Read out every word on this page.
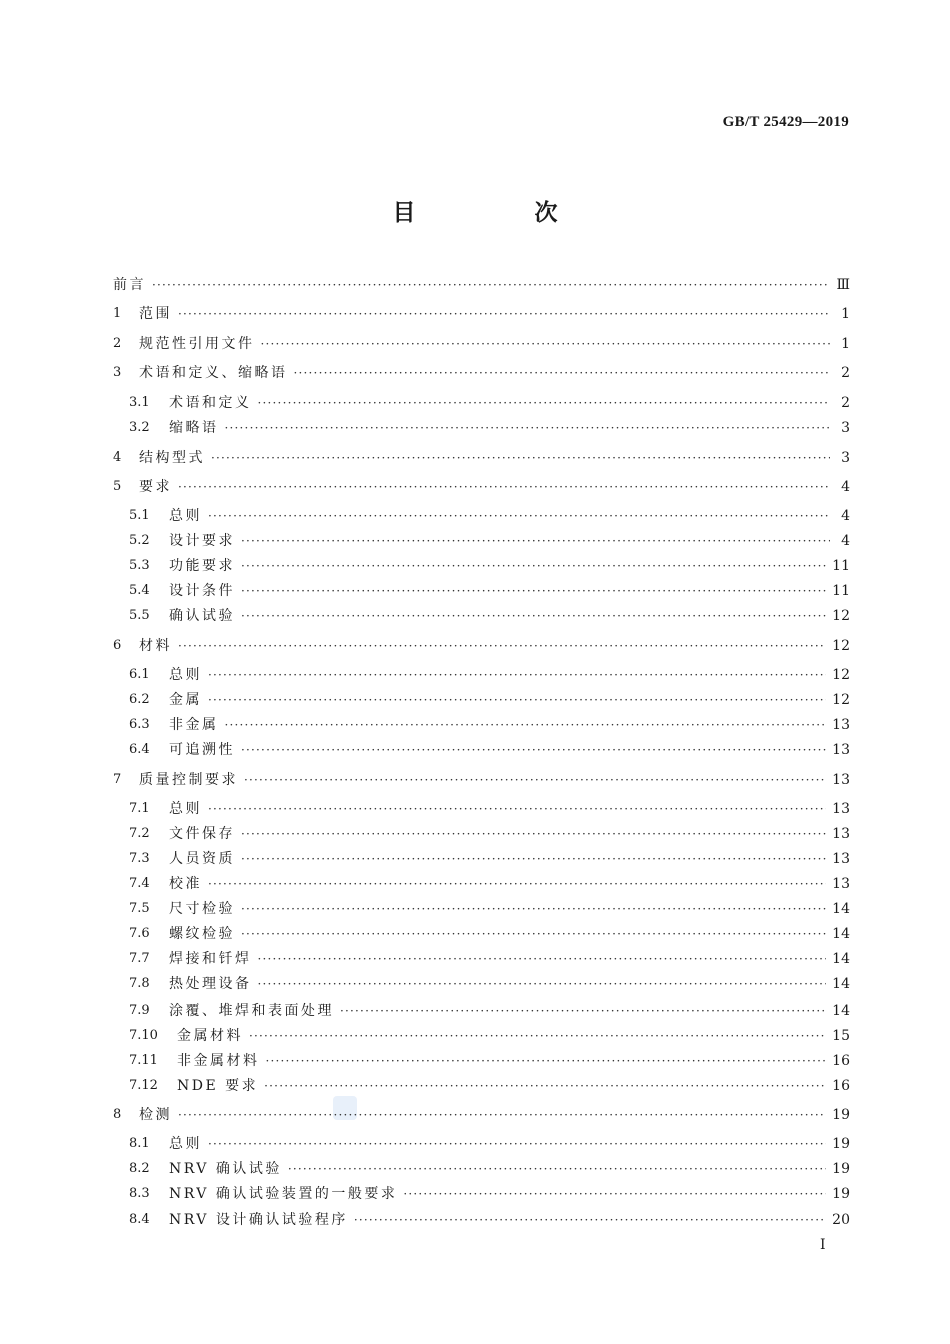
GB/T 25429—2019
目　次
前言 ·····	Ⅲ
1	范围 ·····	1
2	规范性引用文件 ·····	1
3	术语和定义、缩略语 ·····	2
3.1	术语和定义 ·····	2
3.2	缩略语 ·····	3
4	结构型式 ·····	3
5	要求 ·····	4
5.1	总则 ·····	4
5.2	设计要求 ·····	4
5.3	功能要求 ·····	11
5.4	设计条件 ·····	11
5.5	确认试验 ·····	12
6	材料 ·····	12
6.1	总则 ·····	12
6.2	金属 ·····	12
6.3	非金属 ·····	13
6.4	可追溯性 ·····	13
7	质量控制要求 ·····	13
7.1	总则 ·····	13
7.2	文件保存 ·····	13
7.3	人员资质 ·····	13
7.4	校准 ·····	13
7.5	尺寸检验 ·····	14
7.6	螺纹检验 ·····	14
7.7	焊接和钎焊 ·····	14
7.8	热处理设备 ·····	14
7.9	涂覆、堆焊和表面处理 ·····	14
7.10	金属材料 ·····	15
7.11	非金属材料 ·····	16
7.12	NDE 要求 ·····	16
8	检测 ·····	19
8.1	总则 ·····	19
8.2	NRV 确认试验 ·····	19
8.3	NRV 确认试验装置的一般要求 ·····	19
8.4	NRV 设计确认试验程序 ·····	20
Ⅰ
